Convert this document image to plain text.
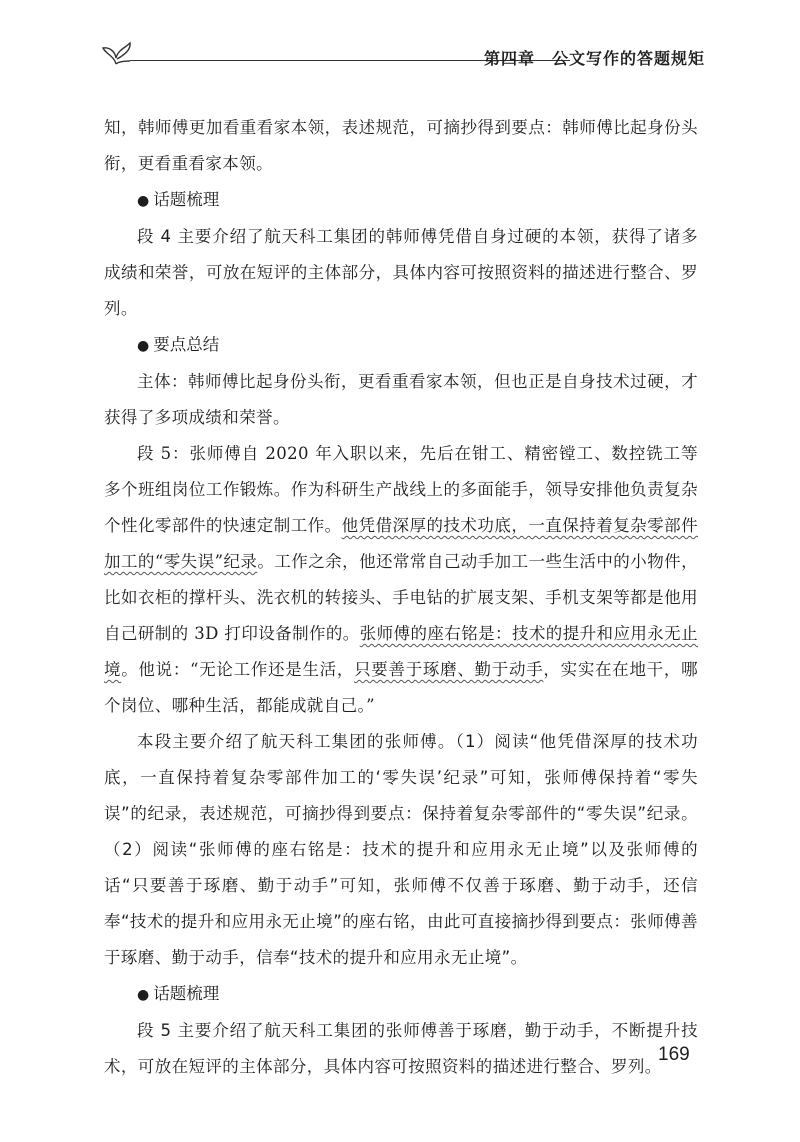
第四章 公文写作的答题规矩

知，韩师傅更加看重看家本领，表述规范，可摘抄得到要点：韩师傅比起身份头衔，更看重看家本领。

● 话题梳理

段 4 主要介绍了航天科工集团的韩师傅凭借自身过硬的本领，获得了诸多成绩和荣誉，可放在短评的主体部分，具体内容可按照资料的描述进行整合、罗列。

● 要点总结

主体：韩师傅比起身份头衔，更看重看家本领，但也正是自身技术过硬，才获得了多项成绩和荣誉。

段 5：张师傅自 2020 年入职以来，先后在钳工、精密镗工、数控铣工等多个班组岗位工作锻炼。作为科研生产战线上的多面能手，领导安排他负责复杂个性化零部件的快速定制工作。他凭借深厚的技术功底，一直保持着复杂零部件加工的“零失误”纪录。工作之余，他还常常自己动手加工一些生活中的小物件，比如衣柜的撑杆头、洗衣机的转接头、手电钻的扩展支架、手机支架等都是他用自己研制的 3D 打印设备制作的。张师傅的座右铭是：技术的提升和应用永无止境。他说：“无论工作还是生活，只要善于琢磨、勤于动手，实实在在地干，哪个岗位、哪种生活，都能成就自己。”

本段主要介绍了航天科工集团的张师傅。（1）阅读“他凭借深厚的技术功底，一直保持着复杂零部件加工的‘零失误’纪录”可知，张师傅保持着“零失误”的纪录，表述规范，可摘抄得到要点：保持着复杂零部件的“零失误”纪录。（2）阅读“张师傅的座右铭是：技术的提升和应用永无止境”以及张师傅的话“只要善于琢磨、勤于动手”可知，张师傅不仅善于琢磨、勤于动手，还信奉“技术的提升和应用永无止境”的座右铭，由此可直接摘抄得到要点：张师傅善于琢磨、勤于动手，信奉“技术的提升和应用永无止境”。

● 话题梳理

段 5 主要介绍了航天科工集团的张师傅善于琢磨，勤于动手，不断提升技术，可放在短评的主体部分，具体内容可按照资料的描述进行整合、罗列。

169
